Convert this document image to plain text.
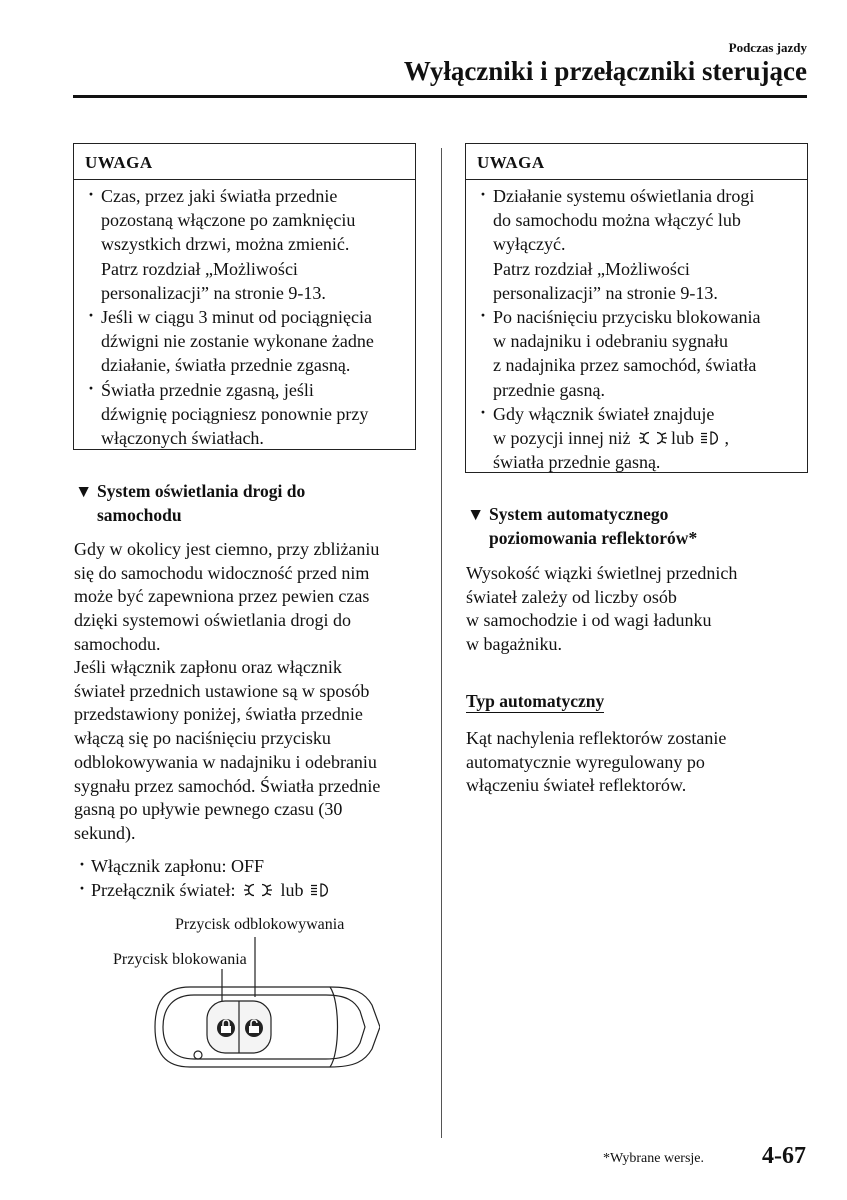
Podczas jazdy
Wyłączniki i przełączniki sterujące
UWAGA
· Czas, przez jaki światła przednie
pozostaną włączone po zamknięciu
wszystkich drzwi, można zmienić.
Patrz rozdział „Możliwości
personalizacji” na stronie 9-13.
· Jeśli w ciągu 3 minut od pociągnięcia
dźwigni nie zostanie wykonane żadne
działanie, światła przednie zgasną.
· Światła przednie zgasną, jeśli
dźwignię pociągniesz ponownie przy
włączonych światłach.
▼ System oświetlania drogi do
samochodu
Gdy w okolicy jest ciemno, przy zbliżaniu
się do samochodu widoczność przed nim
może być zapewniona przez pewien czas
dzięki systemowi oświetlania drogi do
samochodu.
Jeśli włącznik zapłonu oraz włącznik
świateł przednich ustawione są w sposób
przedstawiony poniżej, światła przednie
włączą się po naciśnięciu przycisku
odblokowywania w nadajniku i odebraniu
sygnału przez samochód. Światła przednie
gasną po upływie pewnego czasu (30
sekund).
· Włącznik zapłonu: OFF
· Przełącznik świateł:	lub
Przycisk odblokowywania
Przycisk blokowania
UWAGA
· Działanie systemu oświetlania drogi
do samochodu można włączyć lub
wyłączyć.
Patrz rozdział „Możliwości
personalizacji” na stronie 9-13.
· Po naciśnięciu przycisku blokowania
w nadajniku i odebraniu sygnału
z nadajnika przez samochód, światła
przednie gasną.
· Gdy włącznik świateł znajduje
w pozycji innej niż lub ,
światła przednie gasną.
▼ System automatycznego
poziomowania reflektorów*
Wysokość wiązki świetlnej przednich
świateł zależy od liczby osób
w samochodzie i od wagi ładunku
w bagażniku.
Typ automatyczny
Kąt nachylenia reflektorów zostanie
automatycznie wyregulowany po
włączeniu świateł reflektorów.
*Wybrane wersje. 4-67
